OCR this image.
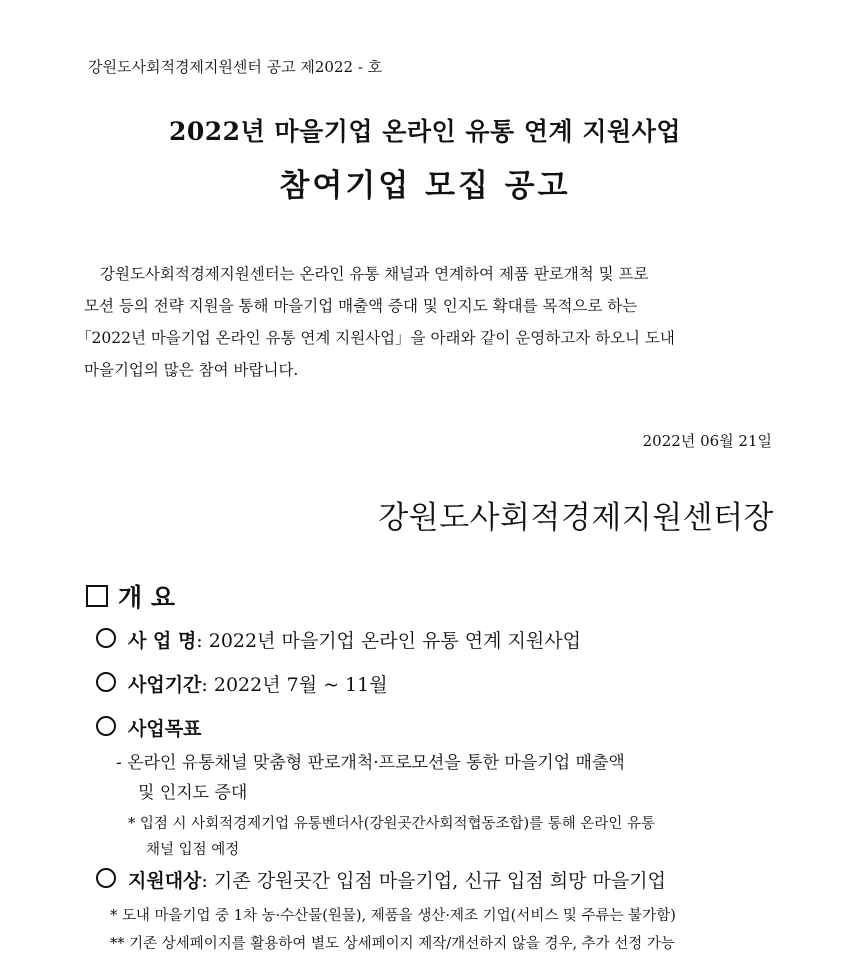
강원도사회적경제지원센터 공고 제2022 - 호
2022년 마을기업 온라인 유통 연계 지원사업
참여기업 모집 공고
강원도사회적경제지원센터는 온라인 유통 채널과 연계하여 제품 판로개척 및 프로
모션 등의 전략 지원을 통해 마을기업 매출액 증대 및 인지도 확대를 목적으로 하는
「2022년 마을기업 온라인 유통 연계 지원사업」을 아래와 같이 운영하고자 하오니 도내
마을기업의 많은 참여 바랍니다.
2022년 06월 21일
강원도사회적경제지원센터장
개 요
사 업 명: 2022년 마을기업 온라인 유통 연계 지원사업
사업기간: 2022년 7월 ~ 11월
사업목표
- 온라인 유통채널 맞춤형 판로개척·프로모션을 통한 마을기업 매출액
및 인지도 증대
* 입점 시 사회적경제기업 유통벤더사(강원곳간사회적협동조합)를 통해 온라인 유통
채널 입점 예정
지원대상: 기존 강원곳간 입점 마을기업, 신규 입점 희망 마을기업
* 도내 마을기업 중 1차 농·수산물(원물), 제품을 생산·제조 기업(서비스 및 주류는 불가함)
** 기존 상세페이지를 활용하여 별도 상세페이지 제작/개선하지 않을 경우, 추가 선정 가능
